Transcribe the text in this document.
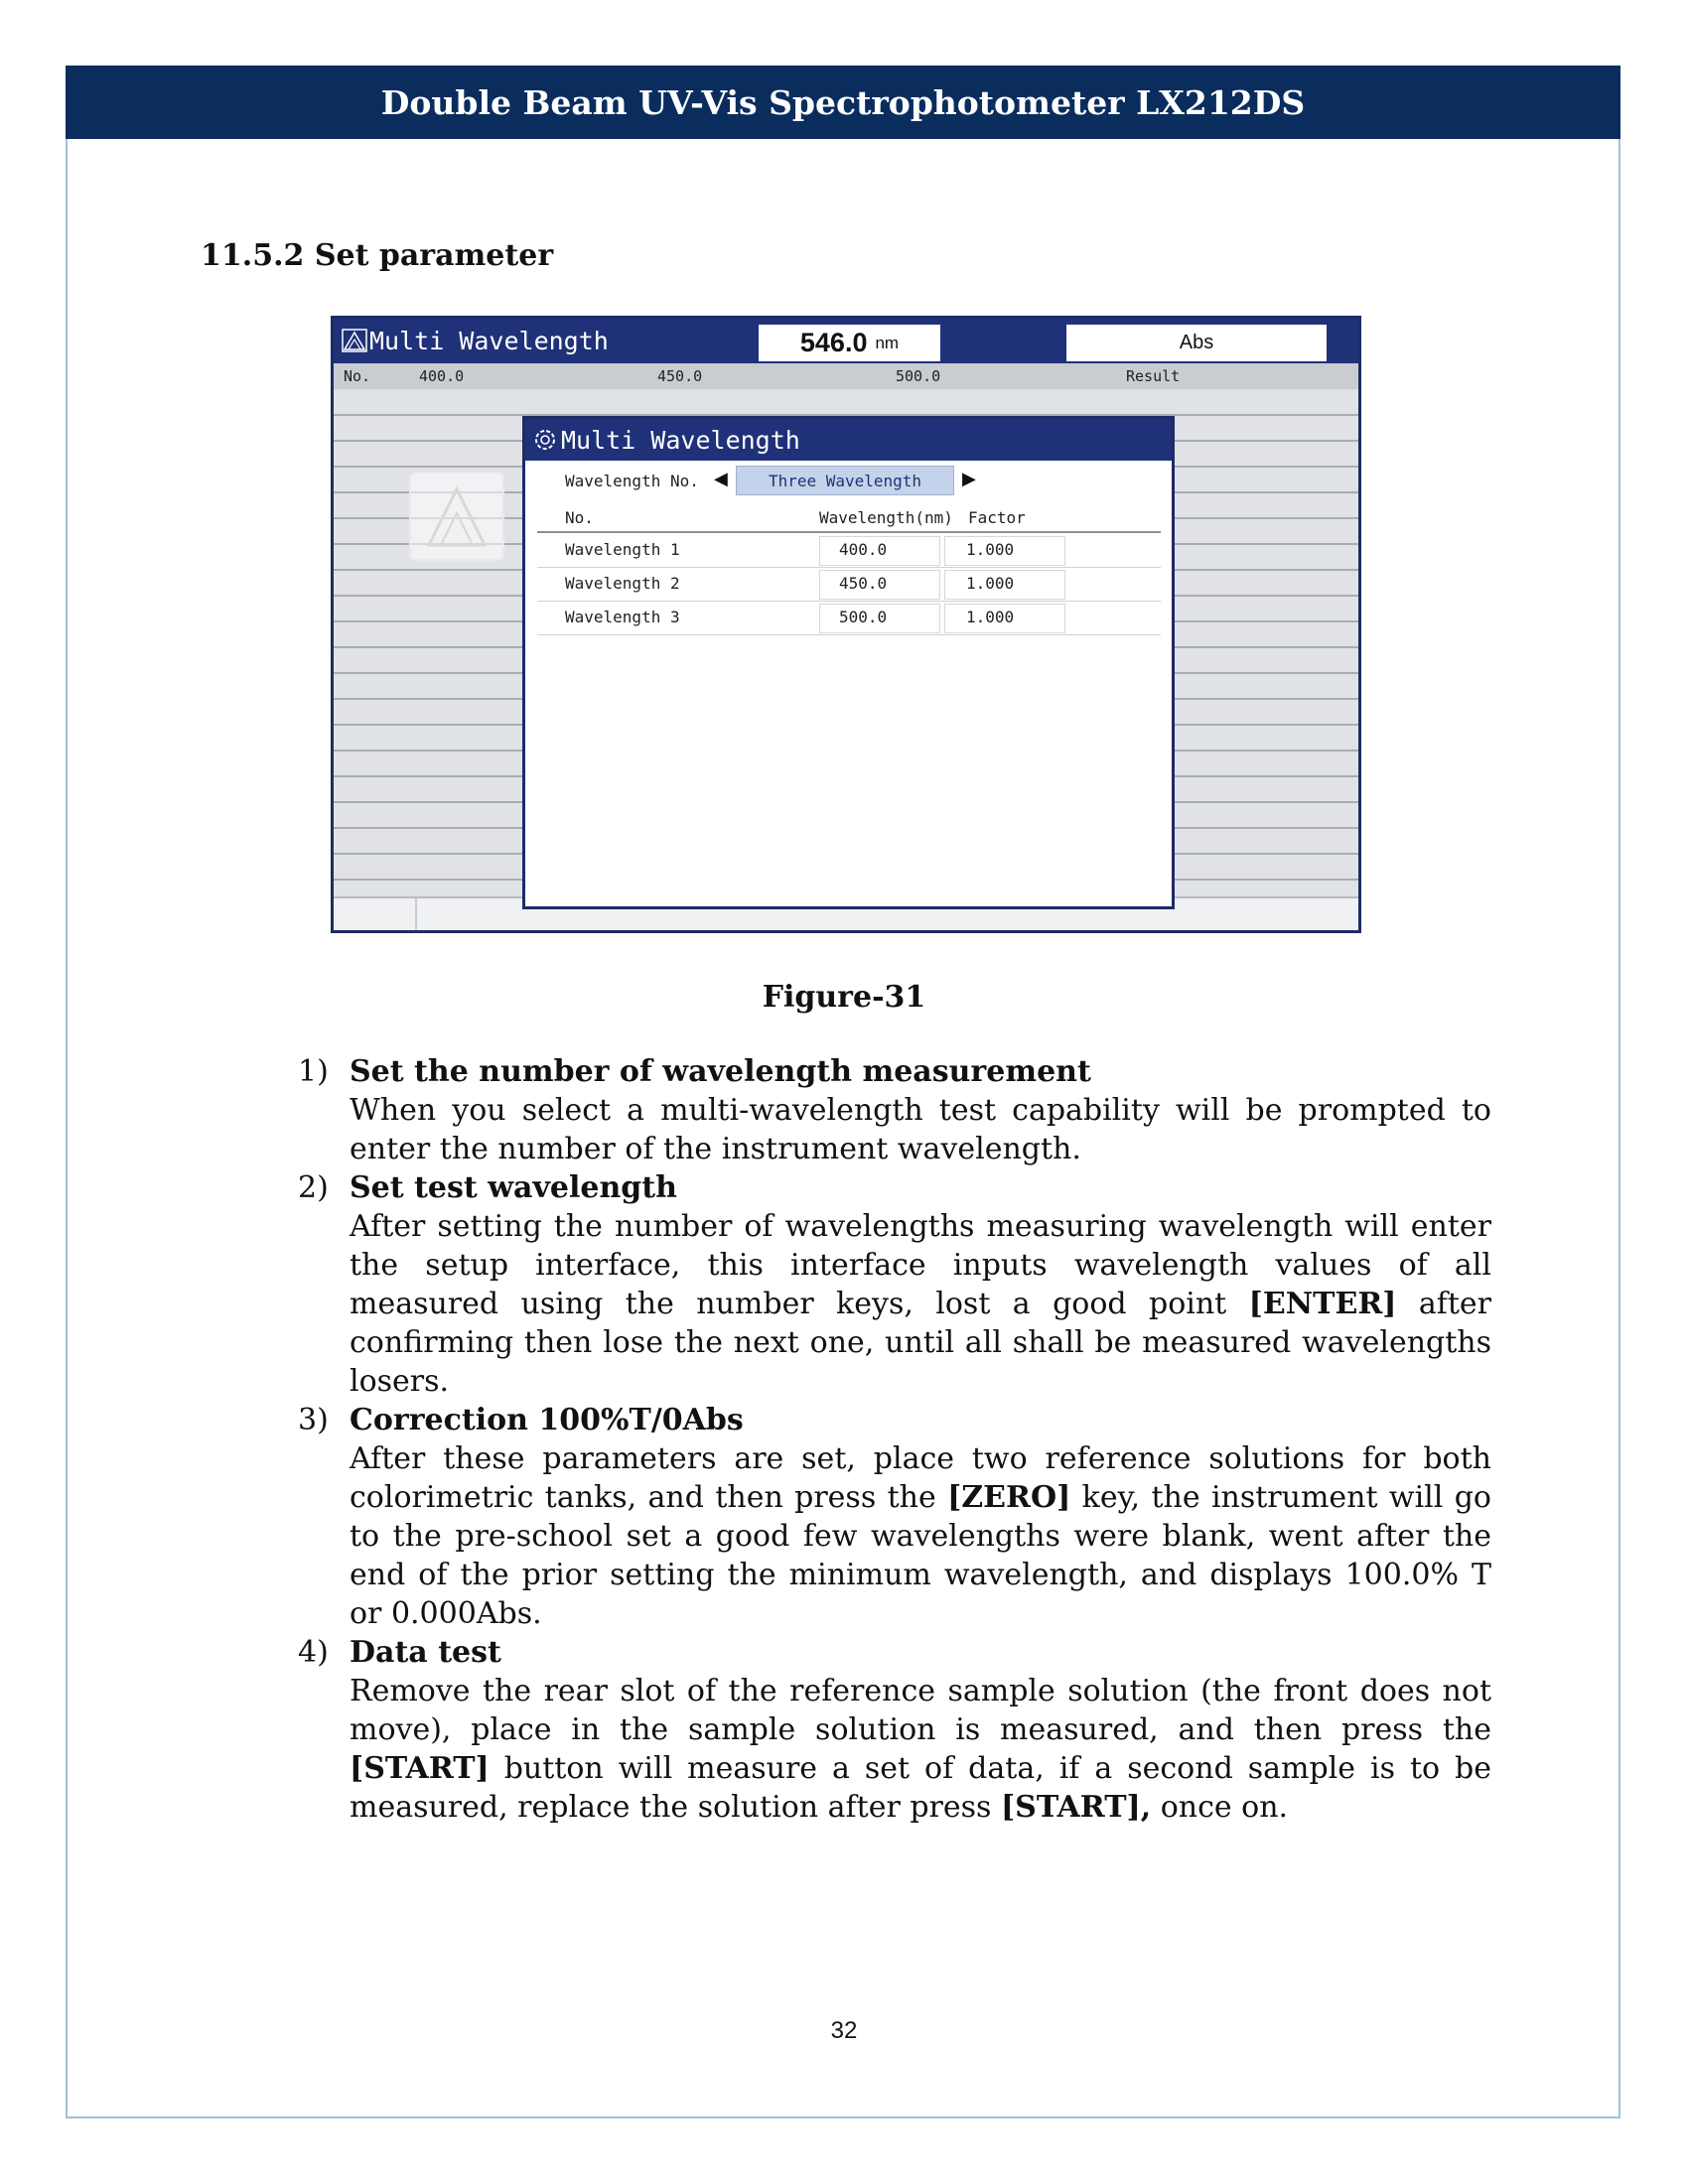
Double Beam UV-Vis Spectrophotometer LX212DS
11.5.2 Set parameter
Multi Wavelength	546.0 nm	Abs
No.	400.0	450.0	500.0	Result
Multi Wavelength
Wavelength No. ◀	Three Wavelength ▶
No.	Wavelength(nm) Factor
Wavelength 1	400.0	1.000
Wavelength 2	450.0	1.000
Wavelength 3	500.0	1.000
Figure-31
1) Set the number of wavelength measurement
When you select a multi-wavelength test capability will be prompted to enter the number of the instrument wavelength.
2) Set test wavelength
After setting the number of wavelengths measuring wavelength will enter the setup interface, this interface inputs wavelength values of all measured using the number keys, lost a good point [ENTER] after confirming then lose the next one, until all shall be measured wavelengths losers.
3) Correction 100%T/0Abs
After these parameters are set, place two reference solutions for both colorimetric tanks, and then press the [ZERO] key, the instrument will go to the pre-school set a good few wavelengths were blank, went after the end of the prior setting the minimum wavelength, and displays 100.0% T or 0.000Abs.
4) Data test
Remove the rear slot of the reference sample solution (the front does not move), place in the sample solution is measured, and then press the [START] button will measure a set of data, if a second sample is to be measured, replace the solution after press [START], once on.
32
